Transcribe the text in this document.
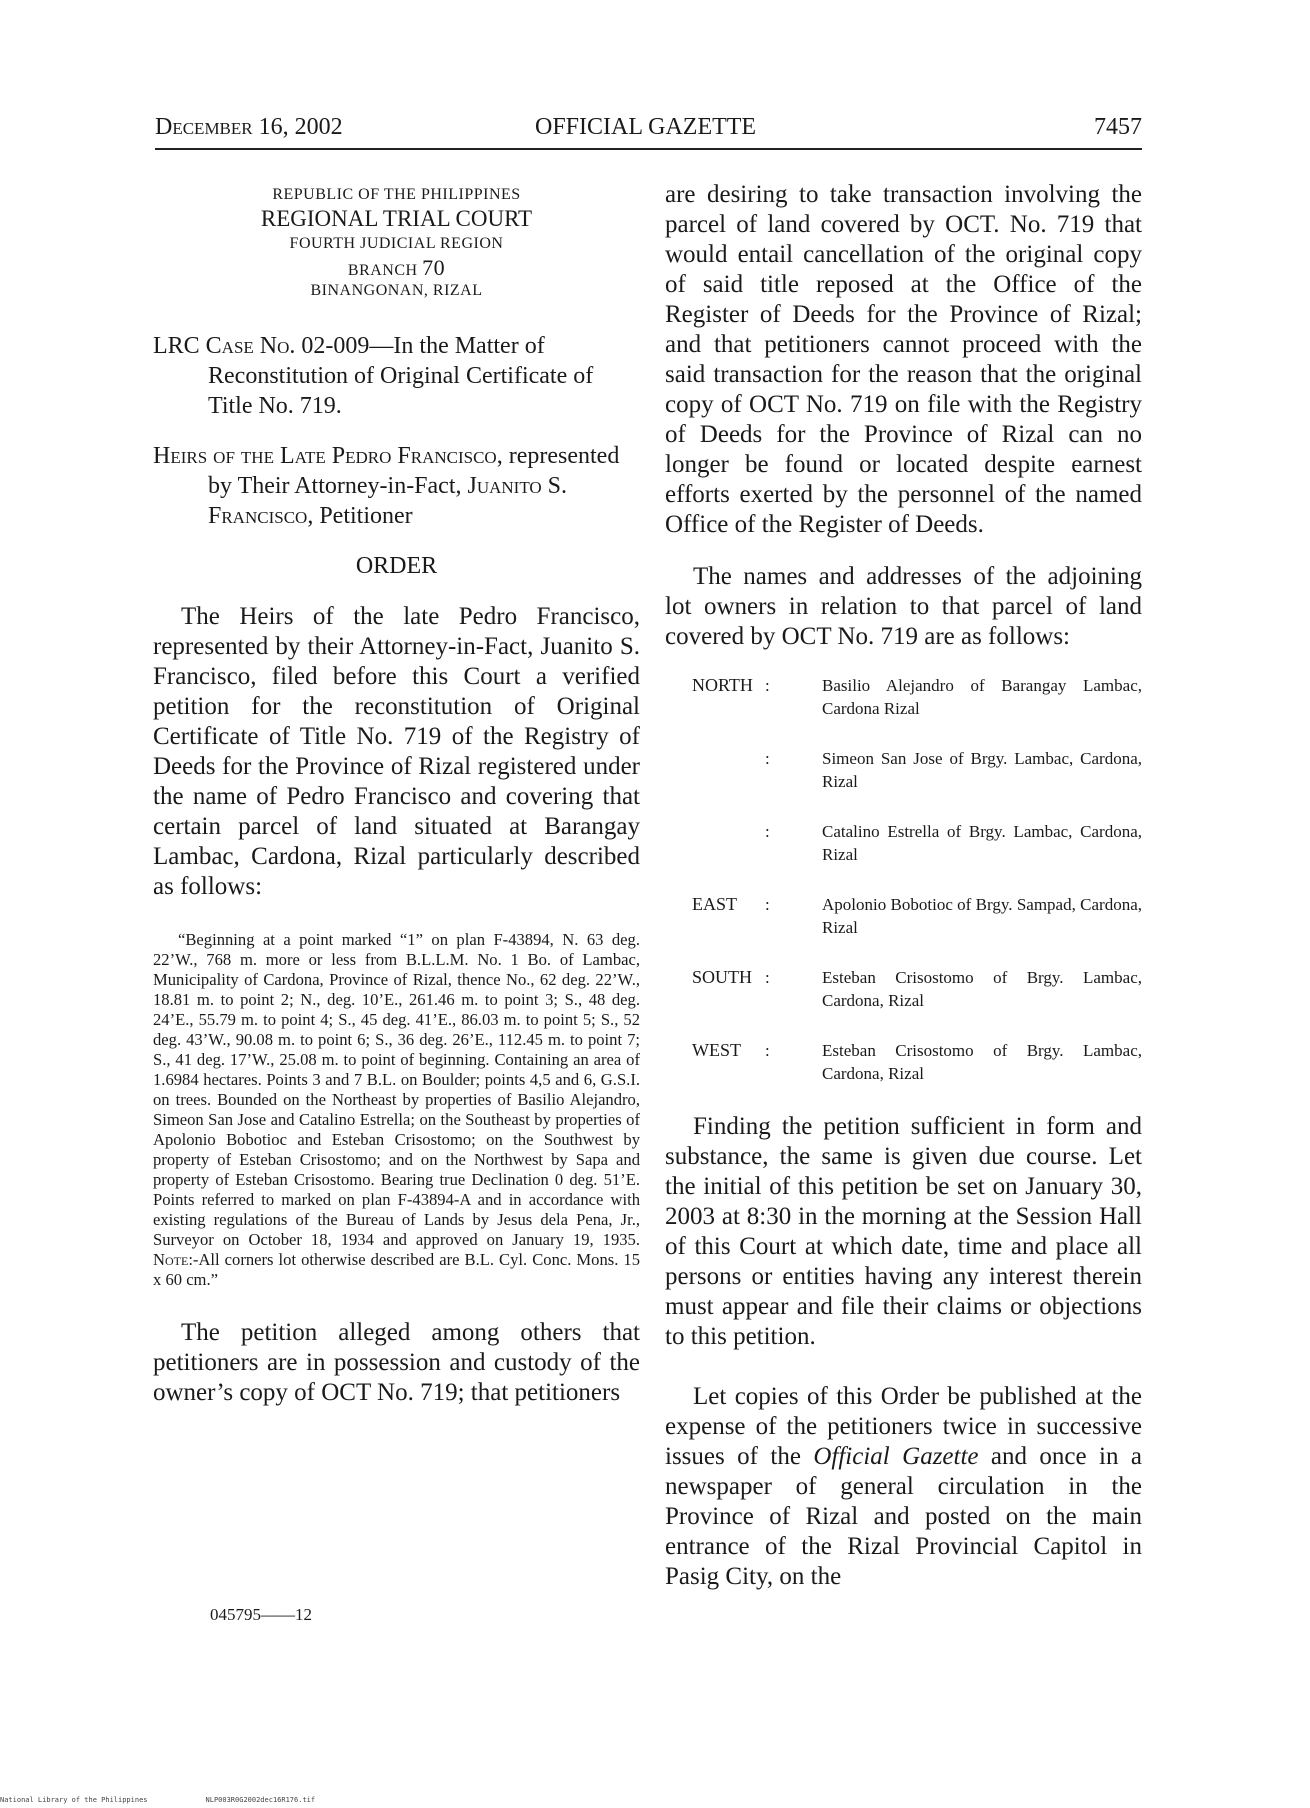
December 16, 2002	OFFICIAL GAZETTE	7457
REPUBLIC OF THE PHILIPPINES
REGIONAL TRIAL COURT
FOURTH JUDICIAL REGION
BRANCH 70
BINANGONAN, RIZAL
LRC Case No. 02-009—In the Matter of Reconstitution of Original Certificate of Title No. 719.
Heirs of the Late Pedro Francisco, represented by Their Attorney-in-Fact, Juanito S. Francisco, Petitioner
ORDER

The Heirs of the late Pedro Francisco, represented by their Attorney-in-Fact, Juanito S. Francisco, filed before this Court a verified petition for the reconstitution of Original Certificate of Title No. 719 of the Registry of Deeds for the Province of Rizal registered under the name of Pedro Francisco and covering that certain parcel of land situated at Barangay Lambac, Cardona, Rizal particularly described as follows:

“Beginning at a point marked “1” on plan F-43894, N. 63 deg. 22’W., 768 m. more or less from B.L.L.M. No. 1 Bo. of Lambac, Municipality of Cardona, Province of Rizal, thence No., 62 deg. 22’W., 18.81 m. to point 2; N., deg. 10’E., 261.46 m. to point 3; S., 48 deg. 24’E., 55.79 m. to point 4; S., 45 deg. 41’E., 86.03 m. to point 5; S., 52 deg. 43’W., 90.08 m. to point 6; S., 36 deg. 26’E., 112.45 m. to point 7; S., 41 deg. 17’W., 25.08 m. to point of beginning. Containing an area of 1.6984 hectares. Points 3 and 7 B.L. on Boulder; points 4,5 and 6, G.S.I. on trees. Bounded on the Northeast by properties of Basilio Alejandro, Simeon San Jose and Catalino Estrella; on the Southeast by properties of Apolonio Bobotioc and Esteban Crisostomo; on the Southwest by property of Esteban Crisostomo; and on the Northwest by Sapa and property of Esteban Crisostomo. Bearing true Declination 0 deg. 51’E. Points referred to marked on plan F-43894-A and in accordance with existing regulations of the Bureau of Lands by Jesus dela Pena, Jr., Surveyor on October 18, 1934 and approved on January 19, 1935. Note:-All corners lot otherwise described are B.L. Cyl. Conc. Mons. 15 x 60 cm.”

The petition alleged among others that petitioners are in possession and custody of the owner’s copy of OCT No. 719; that petitioners

are desiring to take transaction involving the parcel of land covered by OCT. No. 719 that would entail cancellation of the original copy of said title reposed at the Office of the Register of Deeds for the Province of Rizal; and that petitioners cannot proceed with the said transaction for the reason that the original copy of OCT No. 719 on file with the Registry of Deeds for the Province of Rizal can no longer be found or located despite earnest efforts exerted by the personnel of the named Office of the Register of Deeds.

The names and addresses of the adjoining lot owners in relation to that parcel of land covered by OCT No. 719 are as follows:

NORTH :	Basilio Alejandro of Barangay Lambac, Cardona Rizal
:	Simeon San Jose of Brgy. Lambac, Cardona, Rizal
:	Catalino Estrella of Brgy. Lambac, Cardona, Rizal
EAST :	Apolonio Bobotioc of Brgy. Sampad, Cardona, Rizal
SOUTH :	Esteban Crisostomo of Brgy. Lambac, Cardona, Rizal
WEST :	Esteban Crisostomo of Brgy. Lambac, Cardona, Rizal

Finding the petition sufficient in form and substance, the same is given due course. Let the initial of this petition be set on January 30, 2003 at 8:30 in the morning at the Session Hall of this Court at which date, time and place all persons or entities having any interest therein must appear and file their claims or objections to this petition.

Let copies of this Order be published at the expense of the petitioners twice in successive issues of the Official Gazette and once in a newspaper of general circulation in the Province of Rizal and posted on the main entrance of the Rizal Provincial Capitol in Pasig City, on the

045795——12
National Library of the Philippines	NLP003R0G2002dec16R176.tif
